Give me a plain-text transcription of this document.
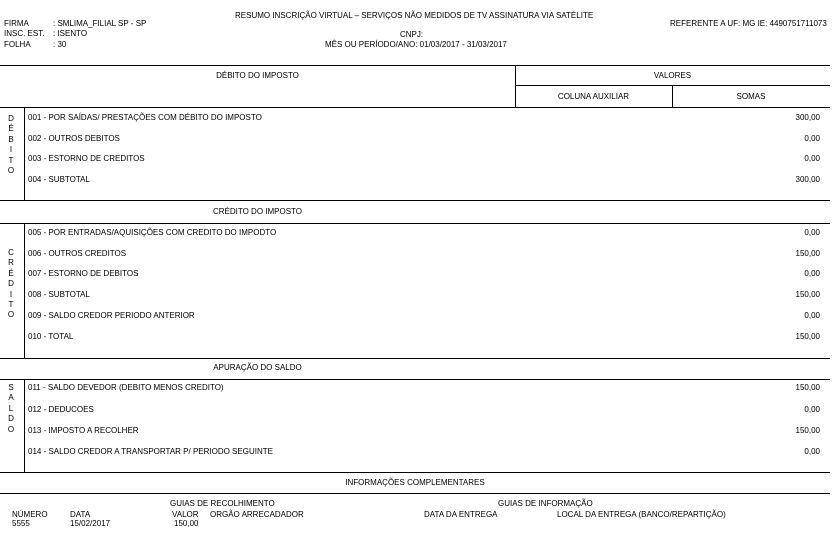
RESUMO INSCRIÇÃO VIRTUAL – SERVIÇOS NÃO MEDIDOS DE TV ASSINATURA VIA SATÉLITE
FIRMA	: SMLIMA_FILIAL SP - SP
INSC. EST. : ISENTO
FOLHA	: 30
REFERENTE A UF: MG IE: 4490751711073
CNPJ:
MÊS OU PERÍODO/ANO: 01/03/2017 - 31/03/2017
DÉBITO DO IMPOSTO	VALORES
COLUNA AUXILIAR	SOMAS
D
É
B
I
T
O
001 - POR SAÍDAS/ PRESTAÇÕES COM DÉBITO DO IMPOSTO	300,00
002 - OUTROS DEBITOS	0,00
003 - ESTORNO DE CREDITOS	0,00
004 - SUBTOTAL	300,00
CRÉDITO DO IMPOSTO
C
R
É
D
I
T
O
005 - POR ENTRADAS/AQUISIÇÕES COM CREDITO DO IMPODTO	0,00
006 - OUTROS CREDITOS	150,00
007 - ESTORNO DE DEBITOS	0,00
008 - SUBTOTAL	150,00
009 - SALDO CREDOR PERIODO ANTERIOR	0,00
010 - TOTAL	150,00
APURAÇÃO DO SALDO
S
A
L
D
O
011 - SALDO DEVEDOR (DEBITO MENOS CREDITO)	150,00
012 - DEDUCOES	0,00
013 - IMPOSTO A RECOLHER	150,00
014 - SALDO CREDOR A TRANSPORTAR P/ PERIODO SEGUINTE	0,00
INFORMAÇÕES COMPLEMENTARES
GUIAS DE RECOLHIMENTO	GUIAS DE INFORMAÇÃO
NÚMERO	DATA	VALOR ORGÃO ARRECADADOR	DATA DA ENTREGA	LOCAL DA ENTREGA (BANCO/REPARTIÇÃO)
5555	15/02/2017	150,00
